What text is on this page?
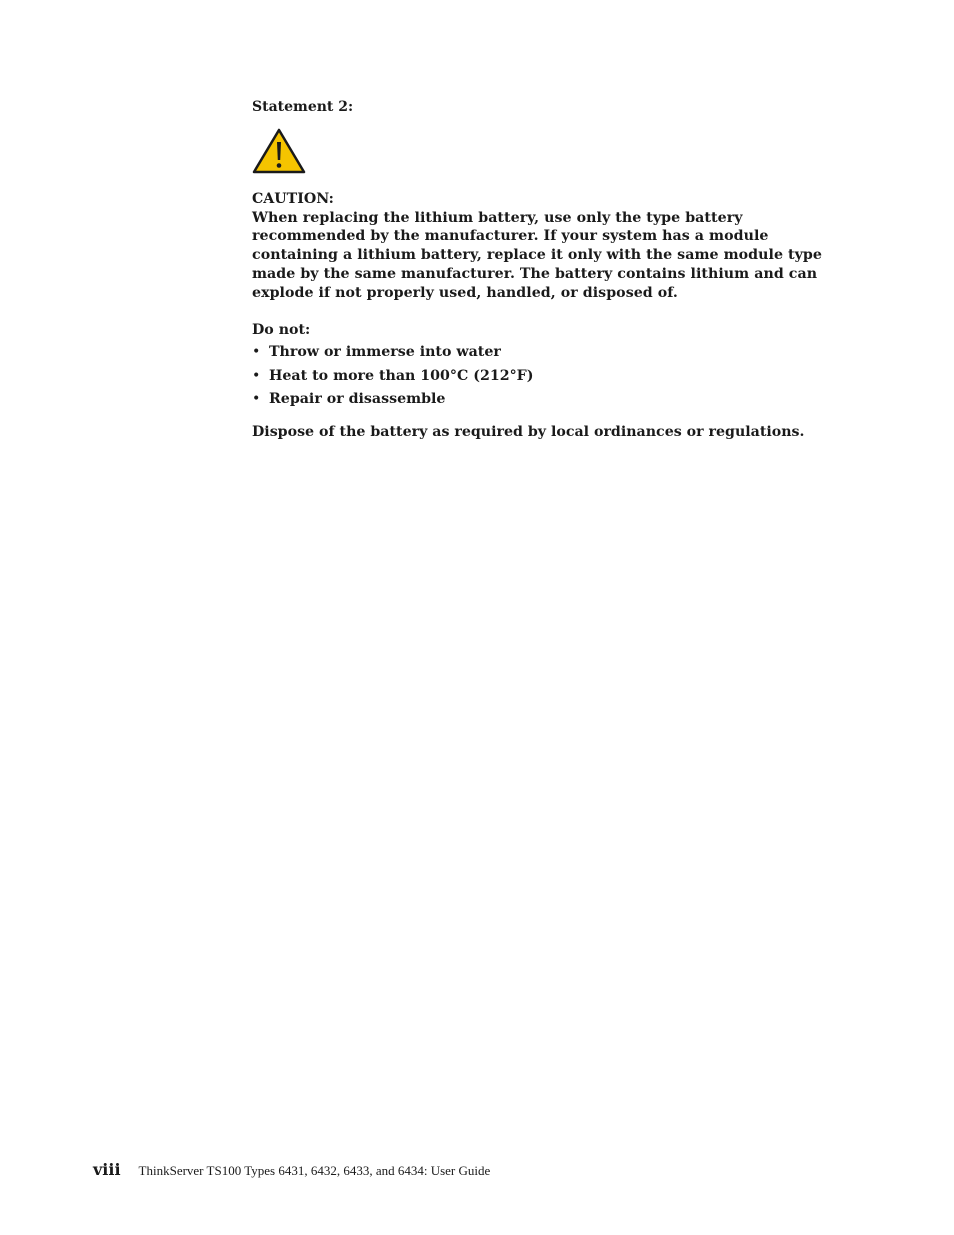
Statement 2:

CAUTION:

When replacing the lithium battery, use only the type battery recommended by the manufacturer. If your system has a module containing a lithium battery, replace it only with the same module type made by the same manufacturer. The battery contains lithium and can explode if not properly used, handled, or disposed of.

Do not:

• Throw or immerse into water
• Heat to more than 100°C (212°F)
• Repair or disassemble

Dispose of the battery as required by local ordinances or regulations.

viii ThinkServer TS100 Types 6431, 6432, 6433, and 6434: User Guide
